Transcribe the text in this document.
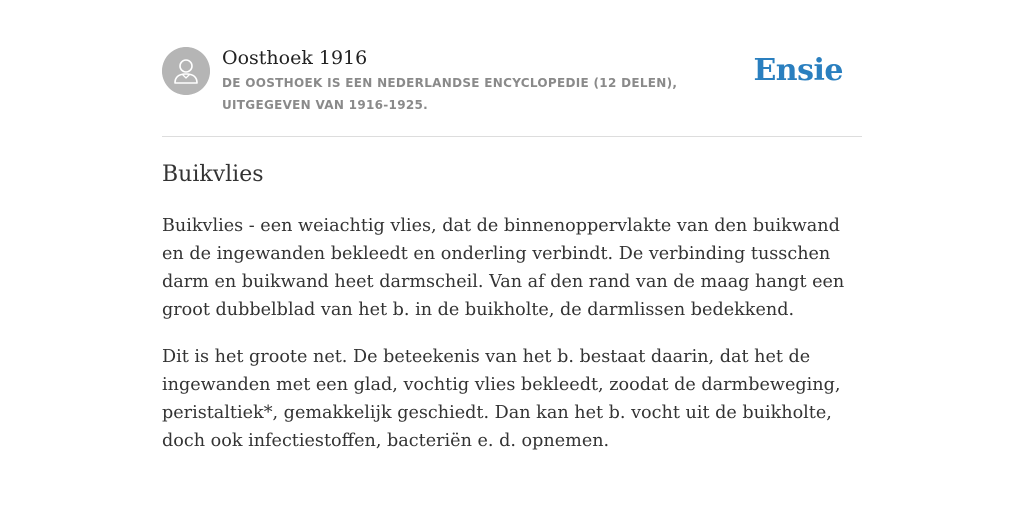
Oosthoek 1916
DE OOSTHOEK IS EEN NEDERLANDSE ENCYCLOPEDIE (12 DELEN), UITGEGEVEN VAN 1916-1925.
Ensie
Buikvlies

Buikvlies - een weiachtig vlies, dat de binnenoppervlakte van den buikwand en de ingewanden bekleedt en onderling verbindt. De verbinding tusschen darm en buikwand heet darmscheil. Van af den rand van de maag hangt een groot dubbelblad van het b. in de buikholte, de darmlissen bedekkend.

Dit is het groote net. De beteekenis van het b. bestaat daarin, dat het de ingewanden met een glad, vochtig vlies bekleedt, zoodat de darmbeweging, peristaltiek*, gemakkelijk geschiedt. Dan kan het b. vocht uit de buikholte, doch ook infectiestoffen, bacteriën e. d. opnemen.
